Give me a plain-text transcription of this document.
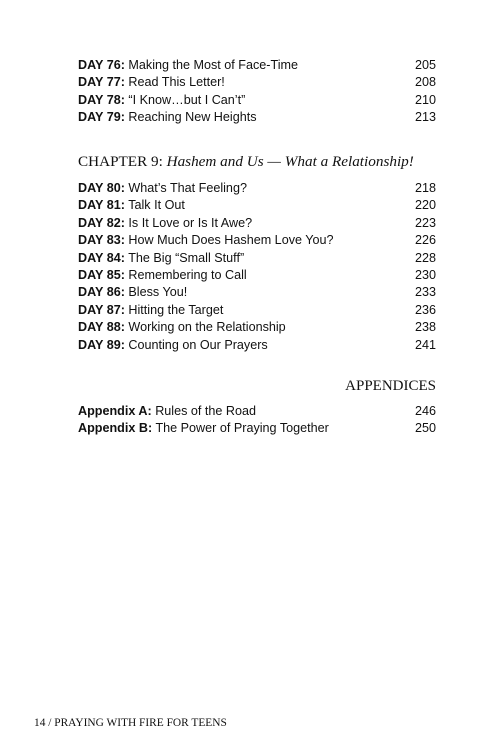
DAY 76: Making the Most of Face-Time	205
DAY 77: Read This Letter!	208
DAY 78: “I Know…but I Can’t”	210
DAY 79: Reaching New Heights	213
CHAPTER 9: Hashem and Us — What a Relationship!
DAY 80: What’s That Feeling?	218
DAY 81: Talk It Out	220
DAY 82: Is It Love or Is It Awe?	223
DAY 83: How Much Does Hashem Love You?	226
DAY 84: The Big “Small Stuff”	228
DAY 85: Remembering to Call	230
DAY 86: Bless You!	233
DAY 87: Hitting the Target	236
DAY 88: Working on the Relationship	238
DAY 89: Counting on Our Prayers	241
APPENDICES
Appendix A: Rules of the Road	246
Appendix B: The Power of Praying Together	250
14 / PRAYING WITH FIRE FOR TEENS
